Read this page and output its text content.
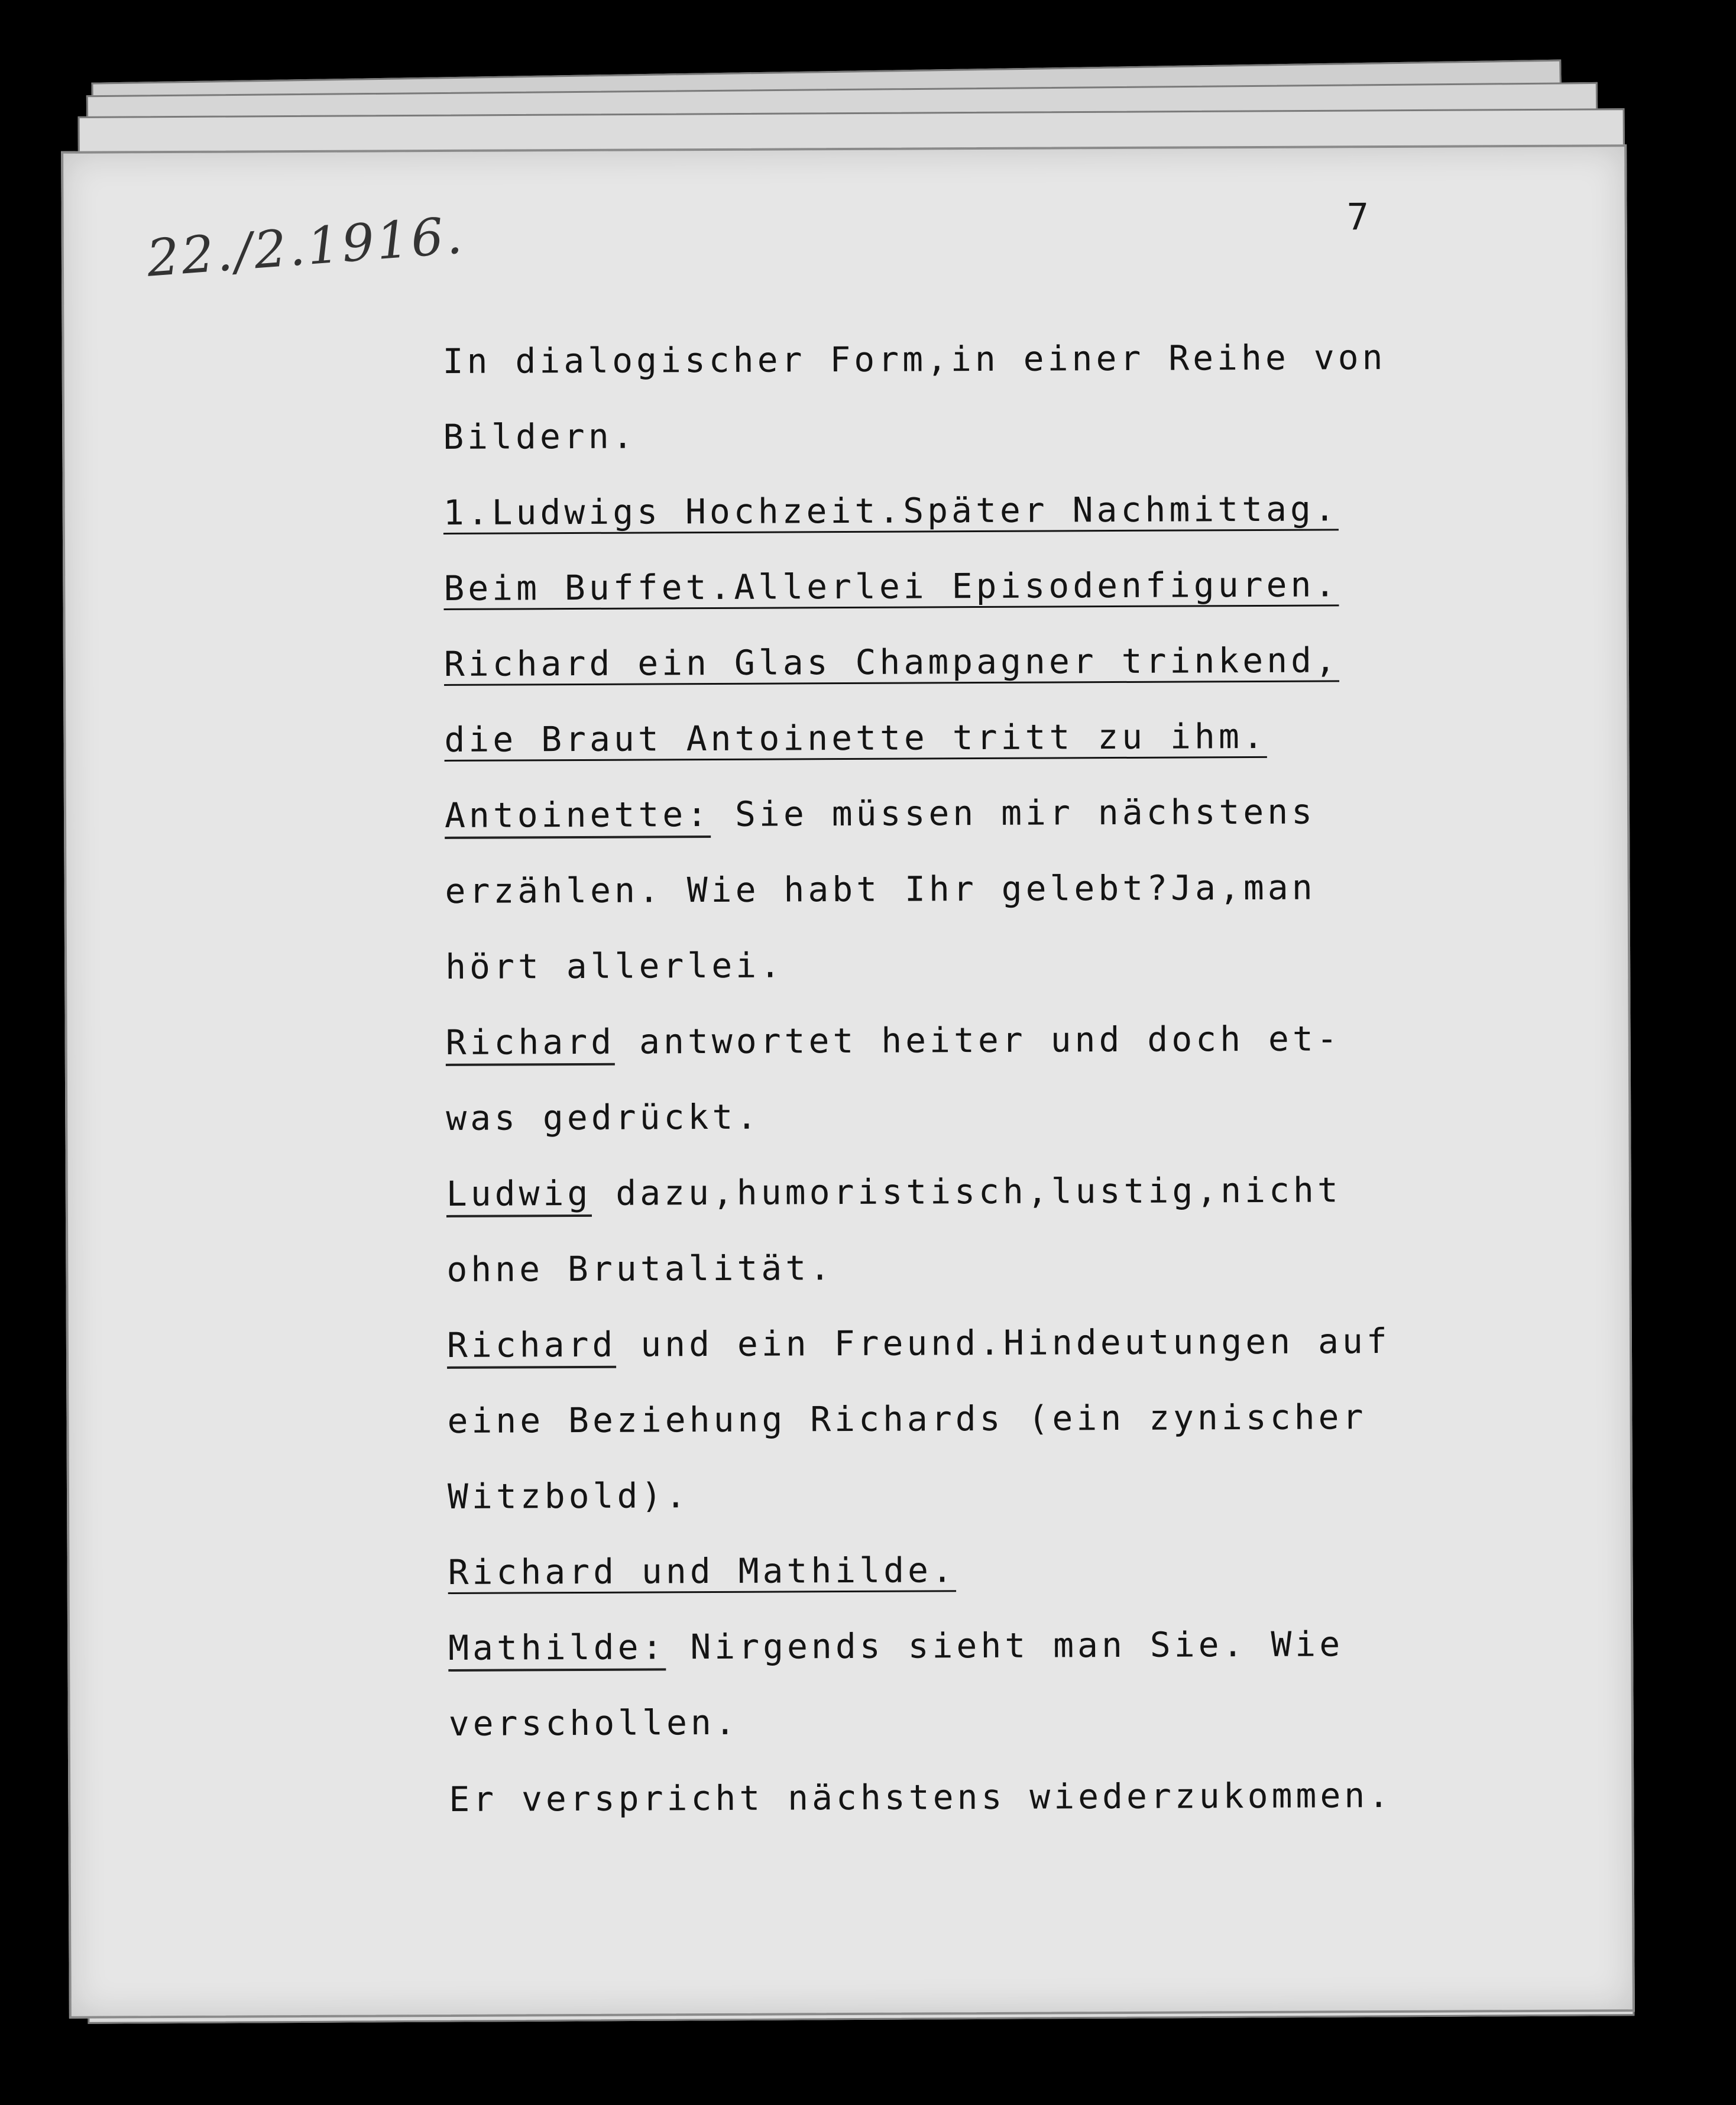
22./2.1916.	7
In dialogischer Form,in einer Reihe von
Bildern.
1.Ludwigs Hochzeit.Später Nachmittag.
Beim Buffet.Allerlei Episodenfiguren.
Richard ein Glas Champagner trinkend,
die Braut Antoinette tritt zu ihm.
Antoinette: Sie müssen mir nächstens
erzählen. Wie habt Ihr gelebt?Ja,man
hört allerlei.
Richard antwortet heiter und doch et-
was gedrückt.
Ludwig dazu,humoristisch,lustig,nicht
ohne Brutalität.
Richard und ein Freund.Hindeutungen auf
eine Beziehung Richards (ein zynischer
Witzbold).
Richard und Mathilde.
Mathilde: Nirgends sieht man Sie. Wie
verschollen.
Er verspricht nächstens wiederzukommen.
